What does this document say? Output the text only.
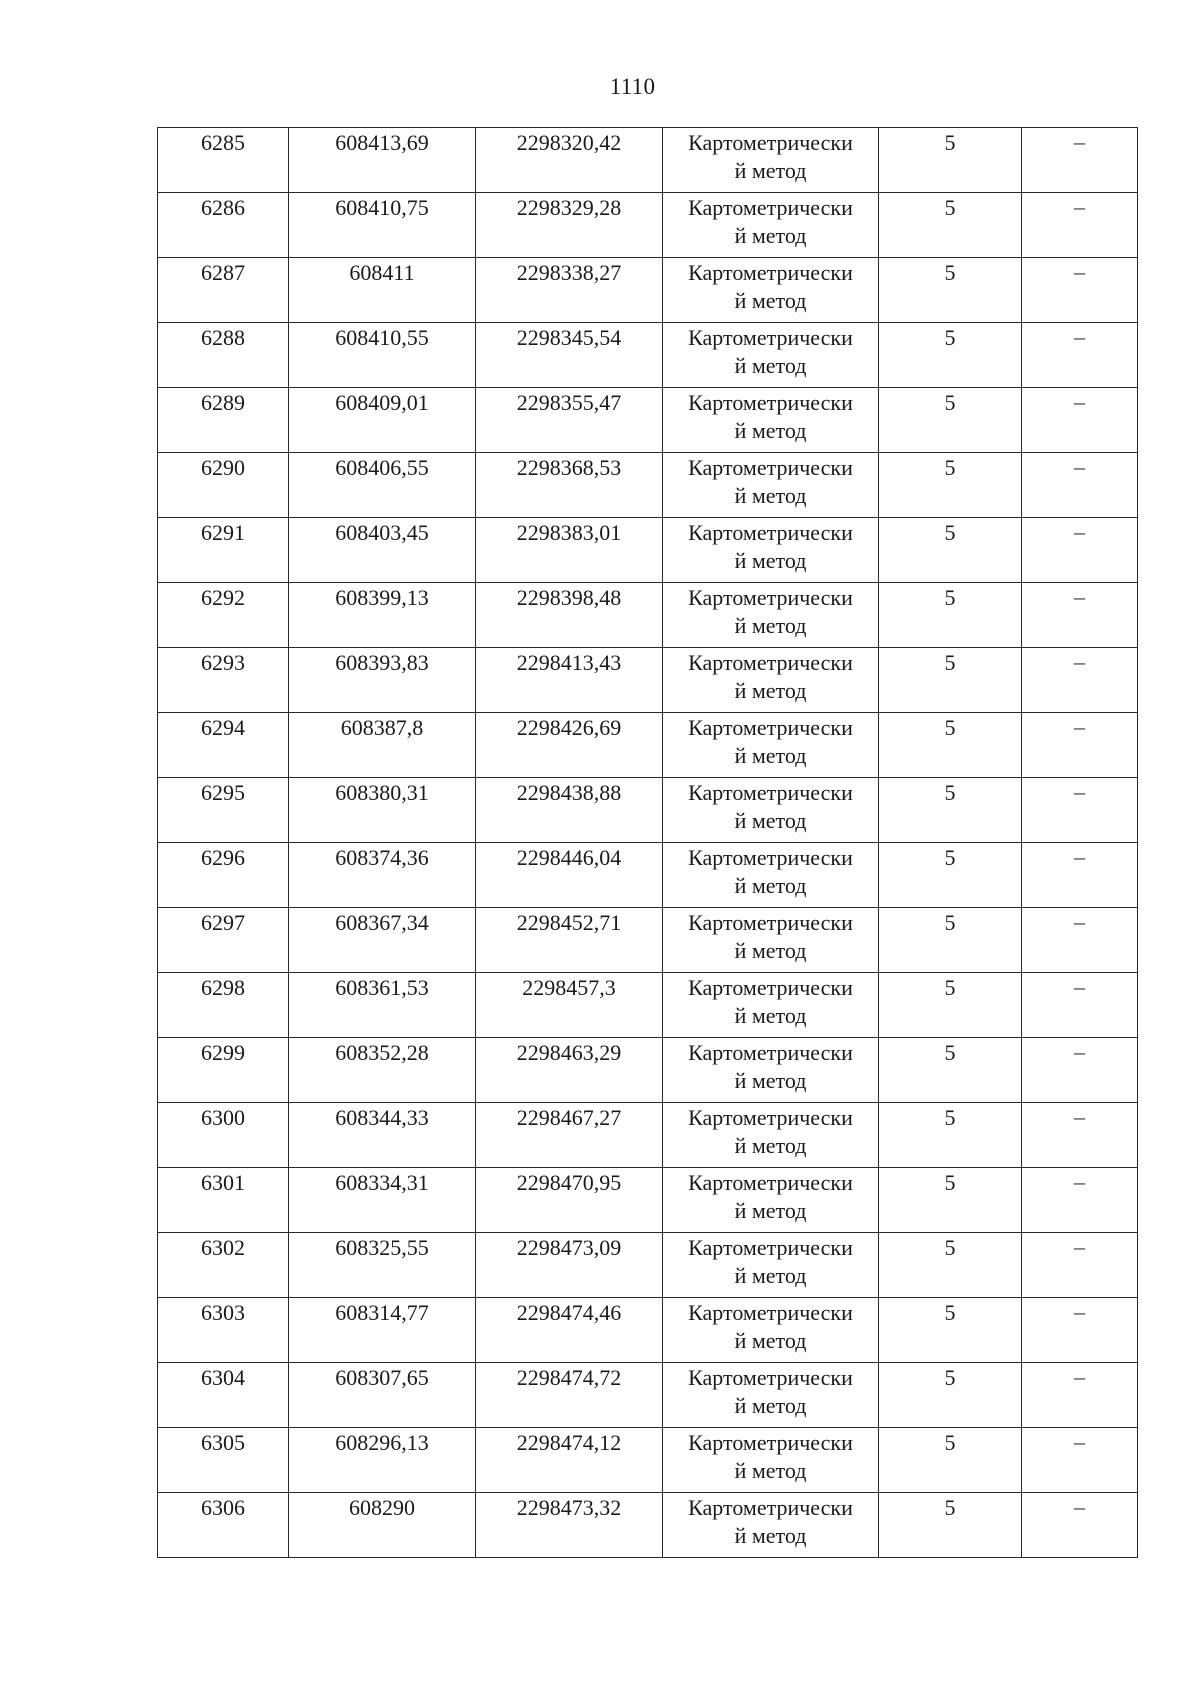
1110
6285	608413,69	2298320,42	Картометрически
й метод	5	–

6286	608410,75	2298329,28	Картометрически
й метод	5	–

6287	608411	2298338,27	Картометрически
й метод	5	–

6288	608410,55	2298345,54	Картометрически
й метод	5	–

6289	608409,01	2298355,47	Картометрически
й метод	5	–

6290	608406,55	2298368,53	Картометрически
й метод	5	–

6291	608403,45	2298383,01	Картометрически
й метод	5	–

6292	608399,13	2298398,48	Картометрически
й метод	5	–

6293	608393,83	2298413,43	Картометрически
й метод	5	–

6294	608387,8	2298426,69	Картометрически
й метод	5	–

6295	608380,31	2298438,88	Картометрически
й метод	5	–

6296	608374,36	2298446,04	Картометрически
й метод	5	–

6297	608367,34	2298452,71	Картометрически
й метод	5	–

6298	608361,53	2298457,3	Картометрически
й метод	5	–

6299	608352,28	2298463,29	Картометрически
й метод	5	–

6300	608344,33	2298467,27	Картометрически
й метод	5	–

6301	608334,31	2298470,95	Картометрически
й метод	5	–

6302	608325,55	2298473,09	Картометрически
й метод	5	–

6303	608314,77	2298474,46	Картометрически
й метод	5	–

6304	608307,65	2298474,72	Картометрически
й метод	5	–

6305	608296,13	2298474,12	Картометрически
й метод	5	–

6306	608290	2298473,32	Картометрически
й метод	5	–
